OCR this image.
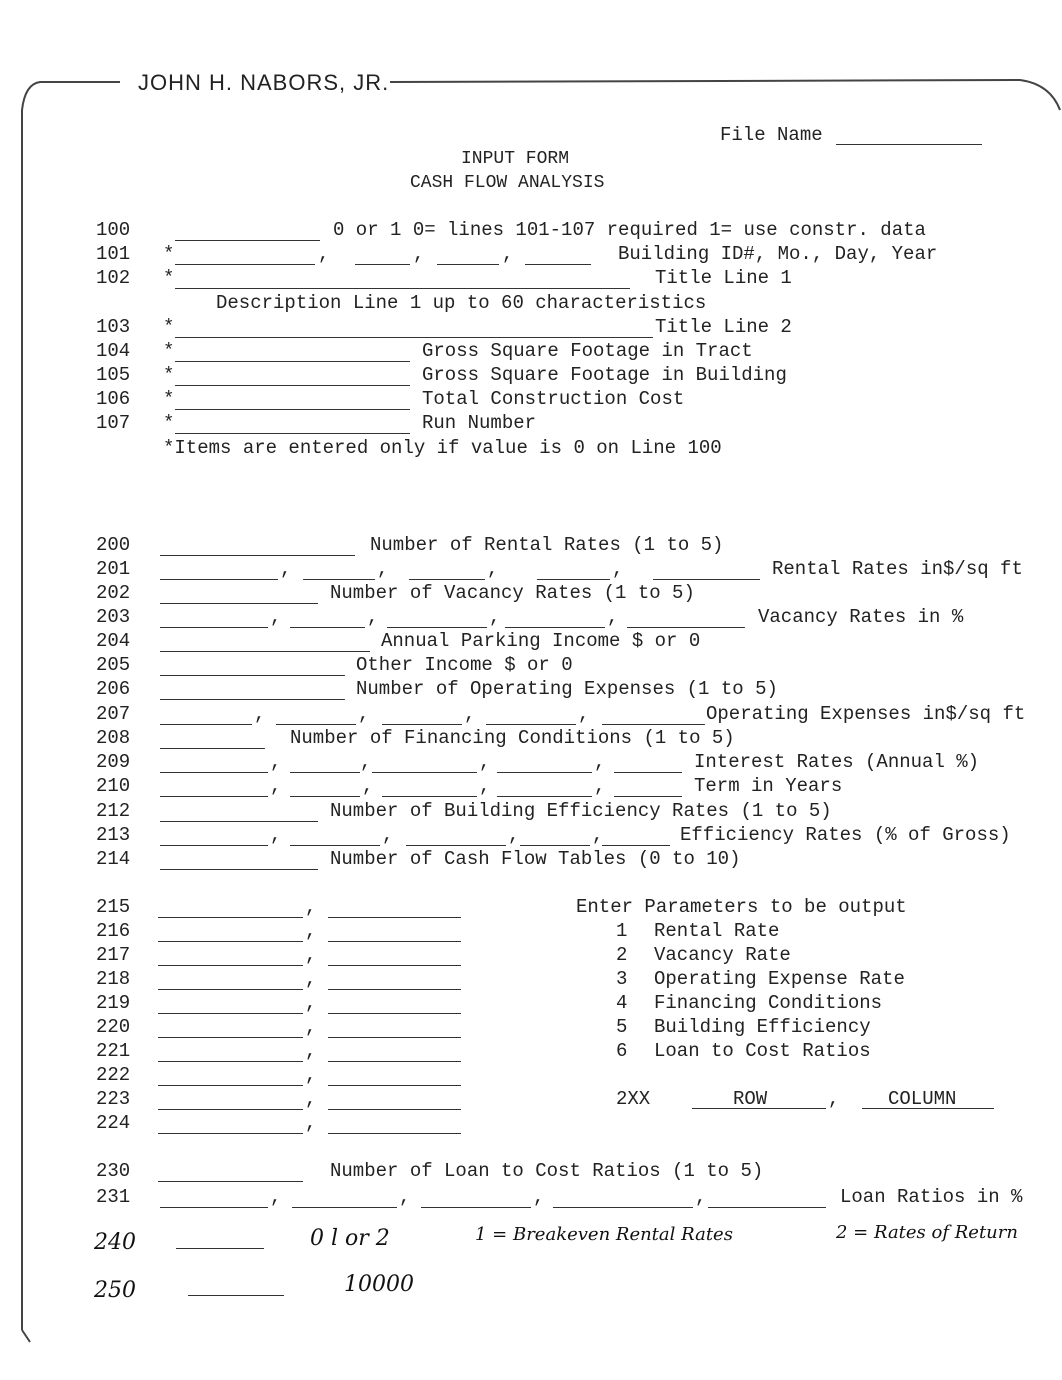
JOHN H. NABORS, JR.
File Name
INPUT FORM
CASH FLOW ANALYSIS
100	0 or 1 0= lines 101-107 required 1= use constr. data
101 *	,	,	,	Building ID#, Mo., Day, Year
102 *	Title Line 1
Description Line 1 up to 60 characteristics
103 *	Title Line 2
104 *	Gross Square Footage in Tract
105 *	Gross Square Footage in Building
106 *	Total Construction Cost
107 *	Run Number
*Items are entered only if value is 0 on Line 100
200	Number of Rental Rates (1 to 5)
201	,	,	,	,	Rental Rates in$/sq ft
202	Number of Vacancy Rates (1 to 5)
203	,	,	,	,	Vacancy Rates in %
204	Annual Parking Income $ or 0
205	Other Income $ or 0
206	Number of Operating Expenses (1 to 5)
207	,	,	,	,	Operating Expenses in$/sq ft
208	Number of Financing Conditions (1 to 5)
209	,	,	,	,	Interest Rates (Annual %)
210	,	,	,	,	Term in Years
212	Number of Building Efficiency Rates (1 to 5)
213	,	,	,	,	Efficiency Rates (% of Gross)
214	Number of Cash Flow Tables (0 to 10)
215	,
216	,
217	,
218	,
219	,
220	,
221	,
222	,
223	,
224	,
Enter Parameters to be output
1 Rental Rate
2 Vacancy Rate
3 Operating Expense Rate
4 Financing Conditions
5 Building Efficiency
6 Loan to Cost Ratios
2XX	ROW	,	COLUMN
230	Number of Loan to Cost Ratios (1 to 5)
231	,	,	,	,	Loan Ratios in %
240	0 l or 2	1 = Breakeven Rental Rates	2 = Rates of Return
250	10000
